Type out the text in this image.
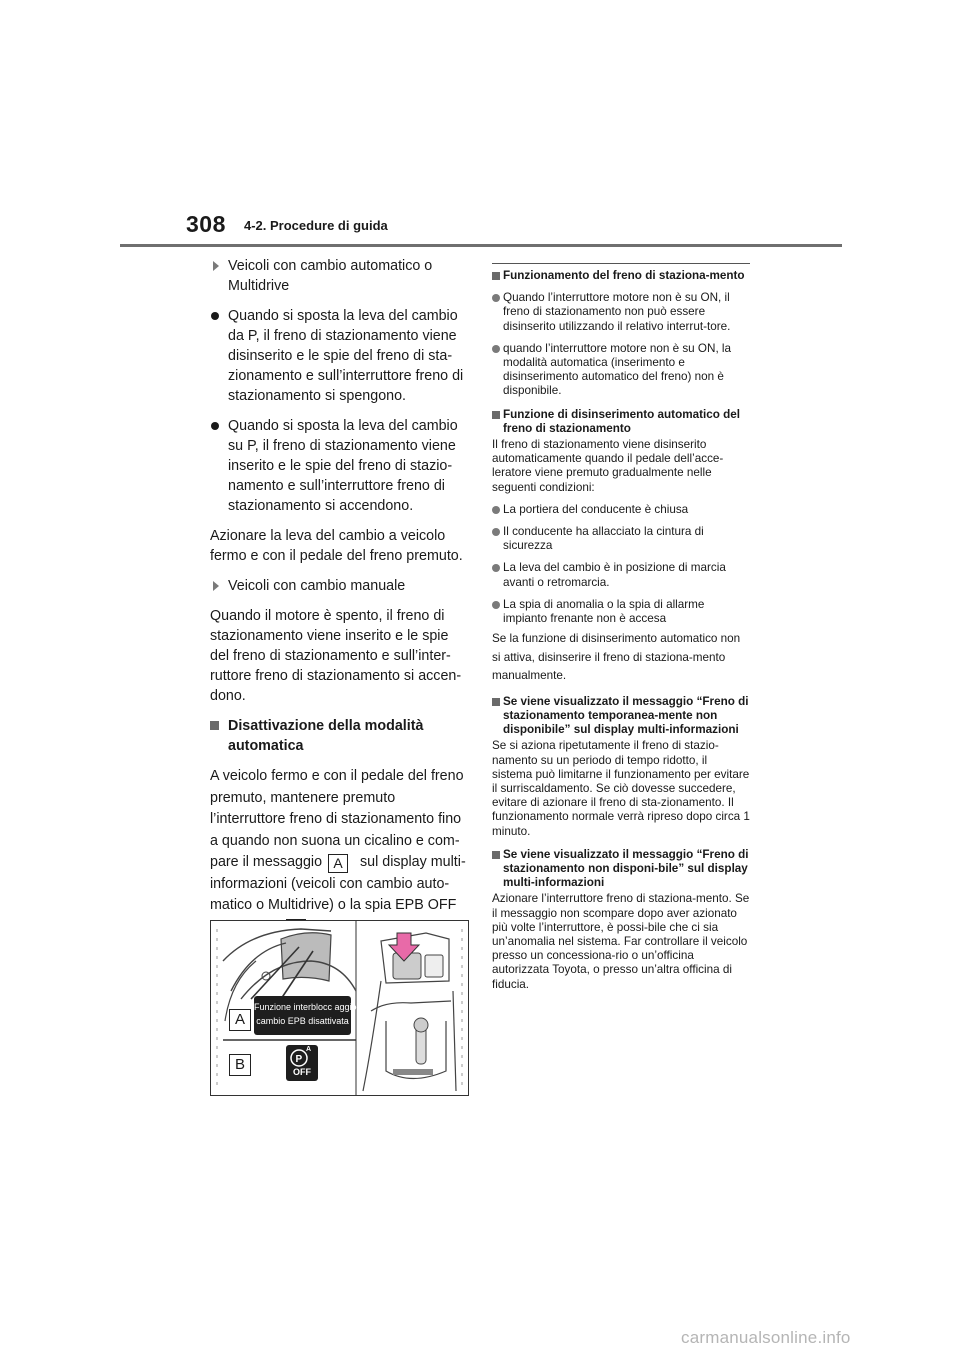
308 4-2. Procedure di guida
Veicoli con cambio automatico o Multidrive
Quando si sposta la leva del cambio da P, il freno di stazionamento viene disinserito e le spie del freno di sta-zionamento e sull’interruttore freno di stazionamento si spengono.
Quando si sposta la leva del cambio su P, il freno di stazionamento viene inserito e le spie del freno di stazio-namento e sull’interruttore freno di stazionamento si accendono.

Azionare la leva del cambio a veicolo fermo e con il pedale del freno premuto.

Veicoli con cambio manuale

Quando il motore è spento, il freno di stazionamento viene inserito e le spie del freno di stazionamento e sull’inter-ruttore freno di stazionamento si accen-dono.

Disattivazione della modalità automatica

A veicolo fermo e con il pedale del freno premuto, mantenere premuto l’interruttore freno di stazionamento fino a quando non suona un cicalino e com-pare il messaggio A sul display multi-informazioni (veicoli con cambio auto-matico o Multidrive) o la spia EPB OFF

P
A
B
Funzione interblocc aggio
cambio EPB disattivata
A
OFF
Funzionamento del freno di staziona-mento
Quando l’interruttore motore non è su ON, il freno di stazionamento non può essere disinserito utilizzando il relativo interrut-tore.
quando l’interruttore motore non è su ON, la modalità automatica (inserimento e disinserimento automatico del freno) non è disponibile.
Funzione di disinserimento automatico del freno di stazionamento

Il freno di stazionamento viene disinserito automaticamente quando il pedale dell’acce-leratore viene premuto gradualmente nelle seguenti condizioni:

La portiera del conducente è chiusa
Il conducente ha allacciato la cintura di sicurezza
La leva del cambio è in posizione di marcia avanti o retromarcia.
La spia di anomalia o la spia di allarme impianto frenante non è accesa

Se la funzione di disinserimento automatico non si attiva, disinserire il freno di staziona-mento manualmente.

Se viene visualizzato il messaggio “Freno di stazionamento temporanea-mente non disponibile” sul display multi-informazioni

Se si aziona ripetutamente il freno di stazio-namento su un periodo di tempo ridotto, il sistema può limitarne il funzionamento per evitare il surriscaldamento. Se ciò dovesse succedere, evitare di azionare il freno di sta-zionamento. Il funzionamento normale verrà ripreso dopo circa 1 minuto.

Se viene visualizzato il messaggio “Freno di stazionamento non disponi-bile” sul display multi-informazioni

Azionare l’interruttore freno di staziona-mento. Se il messaggio non scompare dopo aver azionato più volte l’interruttore, è possi-bile che ci sia un’anomalia nel sistema. Far controllare il veicolo presso un concessiona-rio o un’officina autorizzata Toyota, o presso un’altra officina di fiducia.

carmanualsonline.info
